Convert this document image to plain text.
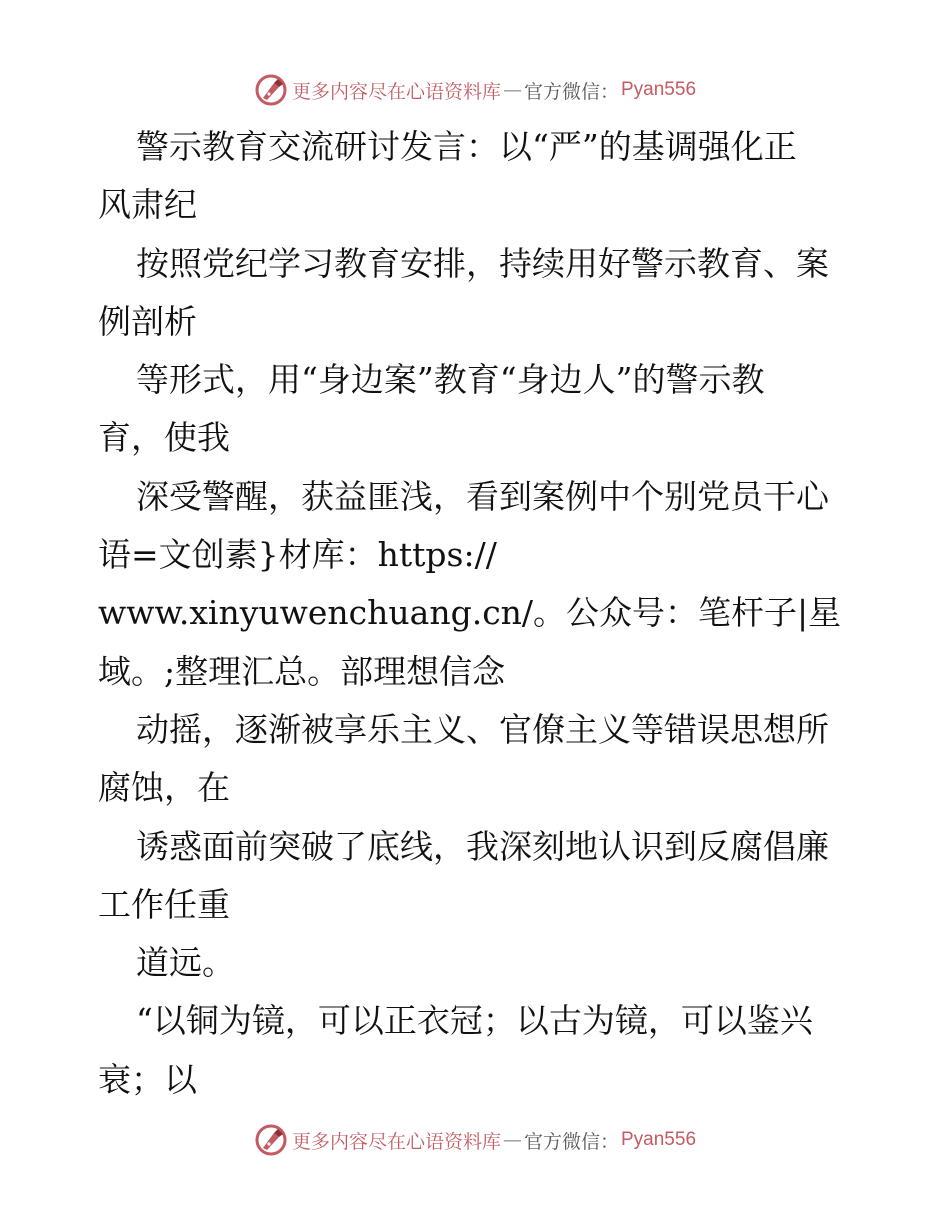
更多内容尽在心语资料库 — 官方微信： Pyan556
警示教育交流研讨发言：以“严”的基调强化正
风肃纪
按照党纪学习教育安排，持续用好警示教育、案
例剖析
等形式，用“身边案”教育“身边人”的警示教
育，使我
深受警醒，获益匪浅，看到案例中个别党员干心
语=文创素}材库：https://
www.xinyuwenchuang.cn/。公众号：笔杆子|星
域。;整理汇总。部理想信念
动摇，逐渐被享乐主义、官僚主义等错误思想所
腐蚀，在
诱惑面前突破了底线，我深刻地认识到反腐倡廉
工作任重
道远。
“以铜为镜，可以正衣冠；以古为镜，可以鉴兴
衰；以
更多内容尽在心语资料库 — 官方微信： Pyan556
